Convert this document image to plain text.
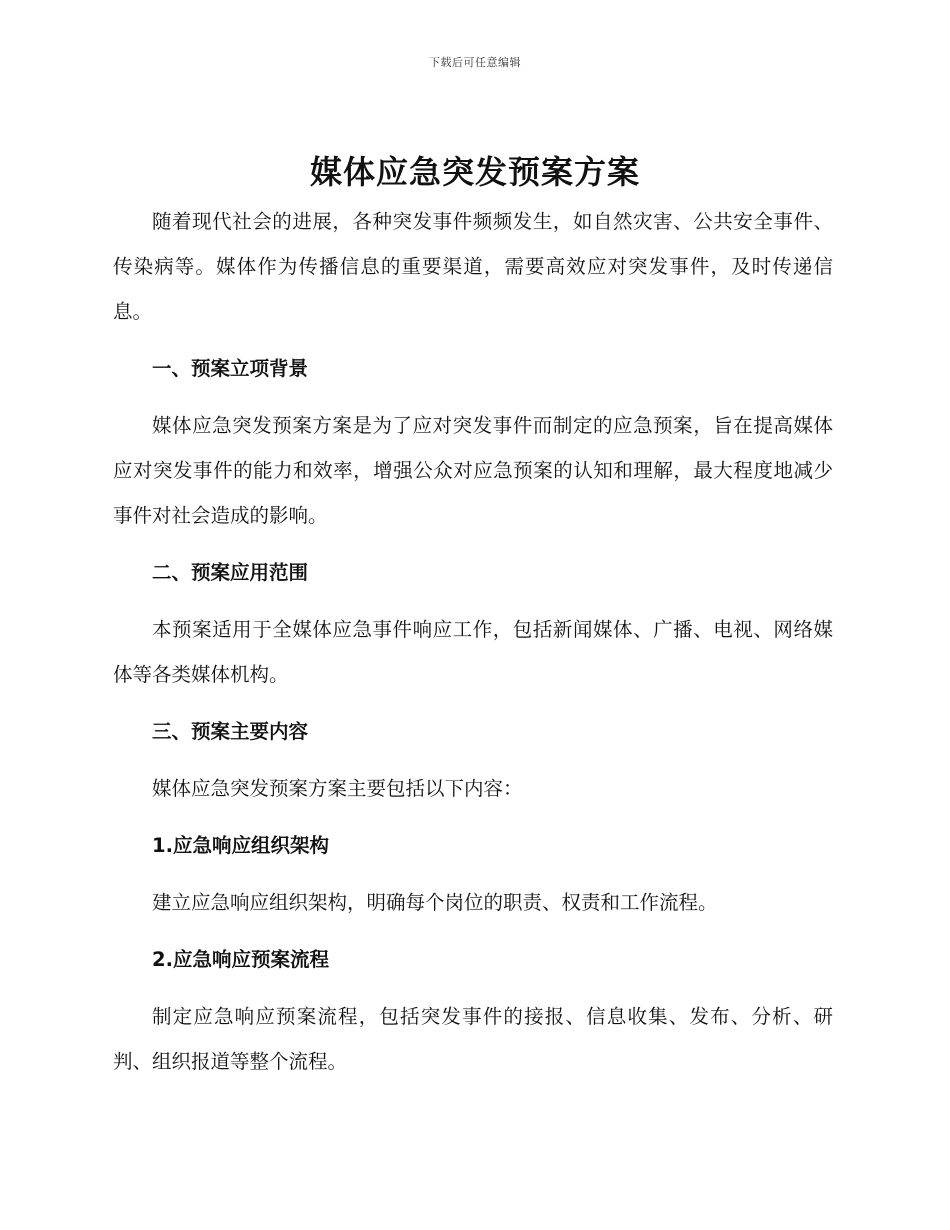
下载后可任意编辑
媒体应急突发预案方案

随着现代社会的进展，各种突发事件频频发生，如自然灾害、公共安全事件、传染病等。媒体作为传播信息的重要渠道，需要高效应对突发事件，及时传递信息。

一、预案立项背景

媒体应急突发预案方案是为了应对突发事件而制定的应急预案，旨在提高媒体应对突发事件的能力和效率，增强公众对应急预案的认知和理解，最大程度地减少事件对社会造成的影响。

二、预案应用范围

本预案适用于全媒体应急事件响应工作，包括新闻媒体、广播、电视、网络媒体等各类媒体机构。

三、预案主要内容

媒体应急突发预案方案主要包括以下内容：

1.应急响应组织架构

建立应急响应组织架构，明确每个岗位的职责、权责和工作流程。

2.应急响应预案流程

制定应急响应预案流程，包括突发事件的接报、信息收集、发布、分析、研判、组织报道等整个流程。
